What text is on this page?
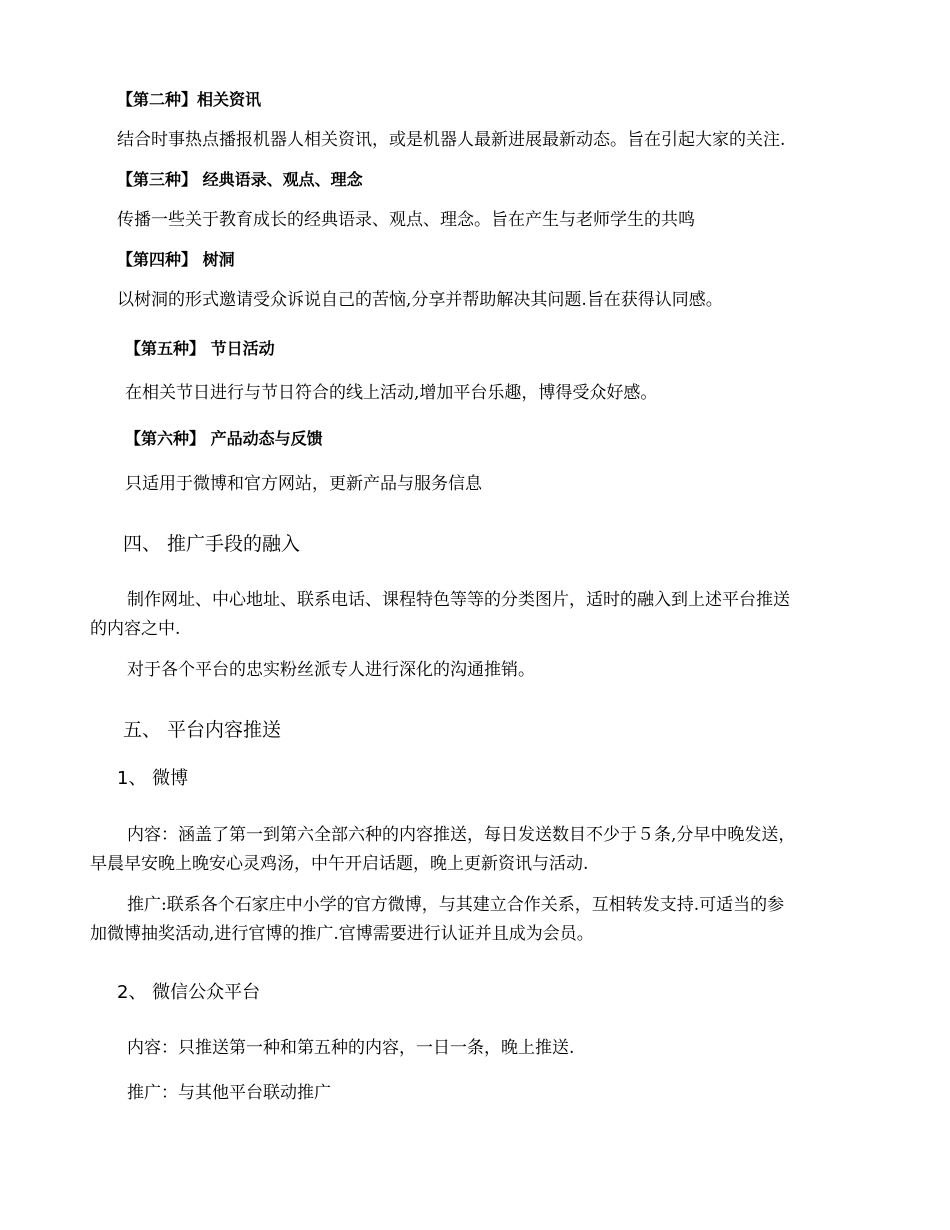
【第二种】相关资讯
结合时事热点播报机器人相关资讯，或是机器人最新进展最新动态。旨在引起大家的关注.
【第三种】 经典语录、观点、理念
传播一些关于教育成长的经典语录、观点、理念。旨在产生与老师学生的共鸣
【第四种】 树洞
以树洞的形式邀请受众诉说自己的苦恼,分享并帮助解决其问题.旨在获得认同感。
【第五种】 节日活动
在相关节日进行与节日符合的线上活动,增加平台乐趣，博得受众好感。
【第六种】 产品动态与反馈
只适用于微博和官方网站，更新产品与服务信息
四、 推广手段的融入
制作网址、中心地址、联系电话、课程特色等等的分类图片，适时的融入到上述平台推送
的内容之中.
对于各个平台的忠实粉丝派专人进行深化的沟通推销。
五、 平台内容推送
1、 微博
内容：涵盖了第一到第六全部六种的内容推送，每日发送数目不少于５条,分早中晚发送，
早晨早安晚上晚安心灵鸡汤，中午开启话题，晚上更新资讯与活动.
推广:联系各个石家庄中小学的官方微博，与其建立合作关系，互相转发支持.可适当的参
加微博抽奖活动,进行官博的推广.官博需要进行认证并且成为会员。
2、 微信公众平台
内容：只推送第一种和第五种的内容，一日一条，晚上推送.
推广：与其他平台联动推广
